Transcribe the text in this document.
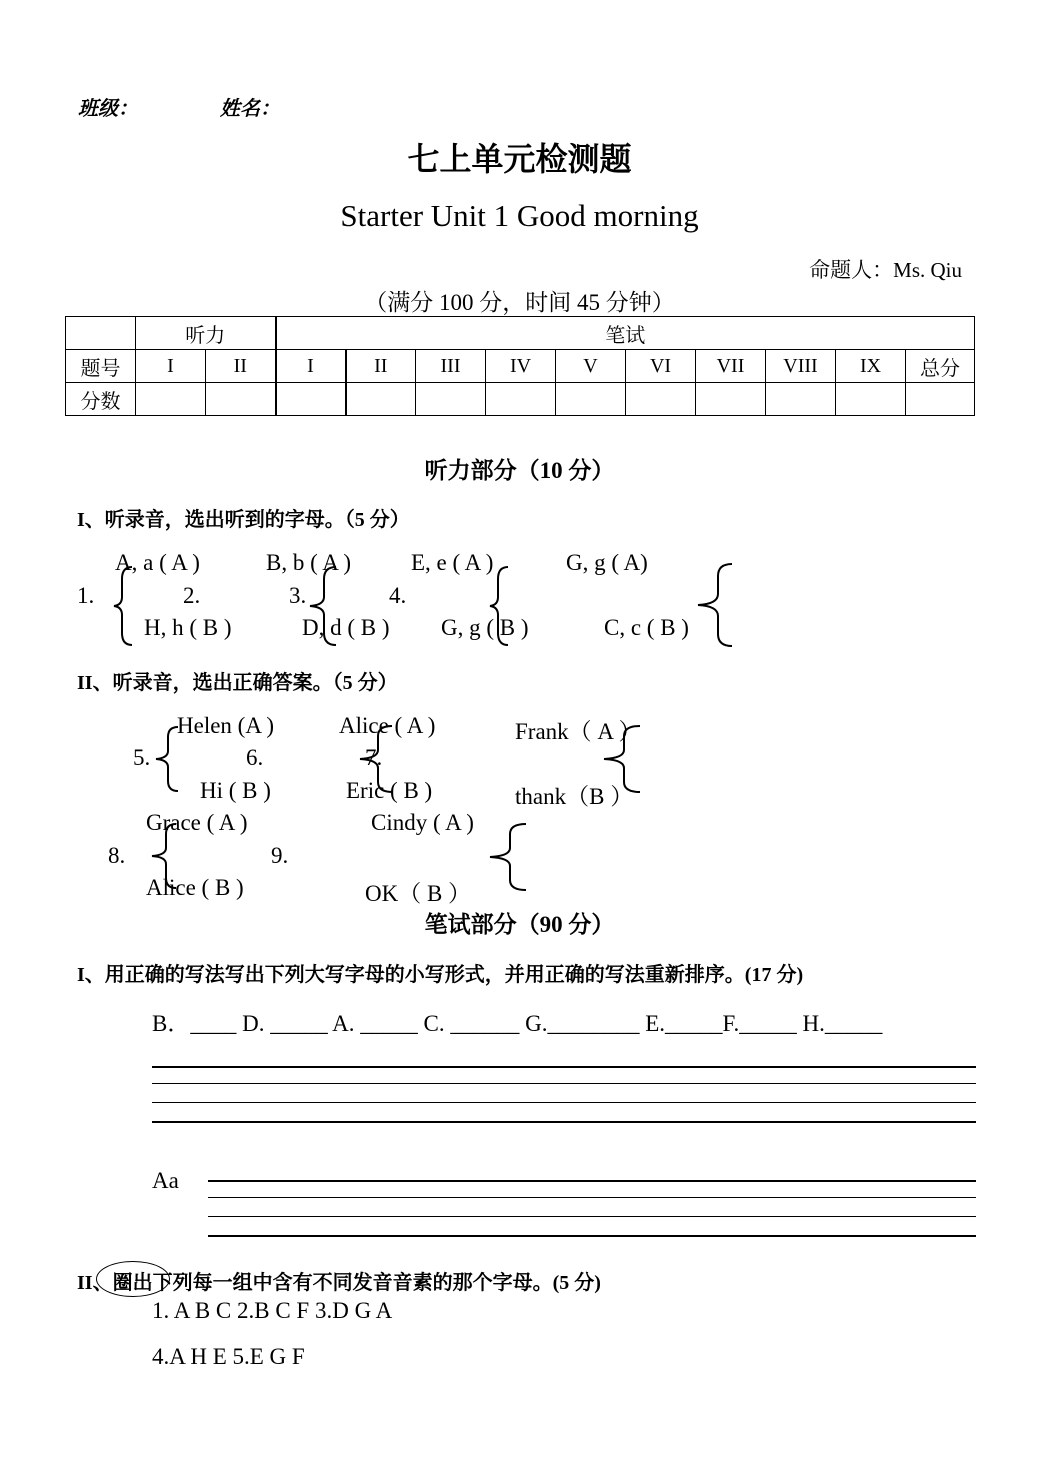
班级：	姓名：
七上单元检测题
Starter Unit 1 Good morning
命题人：Ms. Qiu
（满分 100 分，时间 45 分钟）
	听力		笔试									
题号	I	II	I	II	III	IV	V	VI	VII	VIII	IX	总分
分数												
听力部分（10 分）
I、听录音，选出听到的字母。（5 分）
A, a ( A )	B, b ( A )	E, e ( A )	G, g ( A)
1.	2.	3.	4.
H, h ( B )	D, d ( B ) G, g ( B )	C, c ( B )
II、听录音，选出正确答案。（5 分）
Helen (A )	Alice ( A )	Frank（ A ）
5.	6.	7.
Hi ( B )	Eric ( B )	thank（B ）
Grace ( A )	Cindy ( A )
8.	9.
Alice ( B )	OK（ B ）
笔试部分（90 分）
I、用正确的写法写出下列大写字母的小写形式，并用正确的写法重新排序。(17 分)
B．____ D. _____ A. _____ C. ______ G.________ E._____F._____ H._____
Aa
II、圈出下列每一组中含有不同发音音素的那个字母。(5 分)
1. A B C 2.B C F 3.D G A
4.A H E 5.E G F
